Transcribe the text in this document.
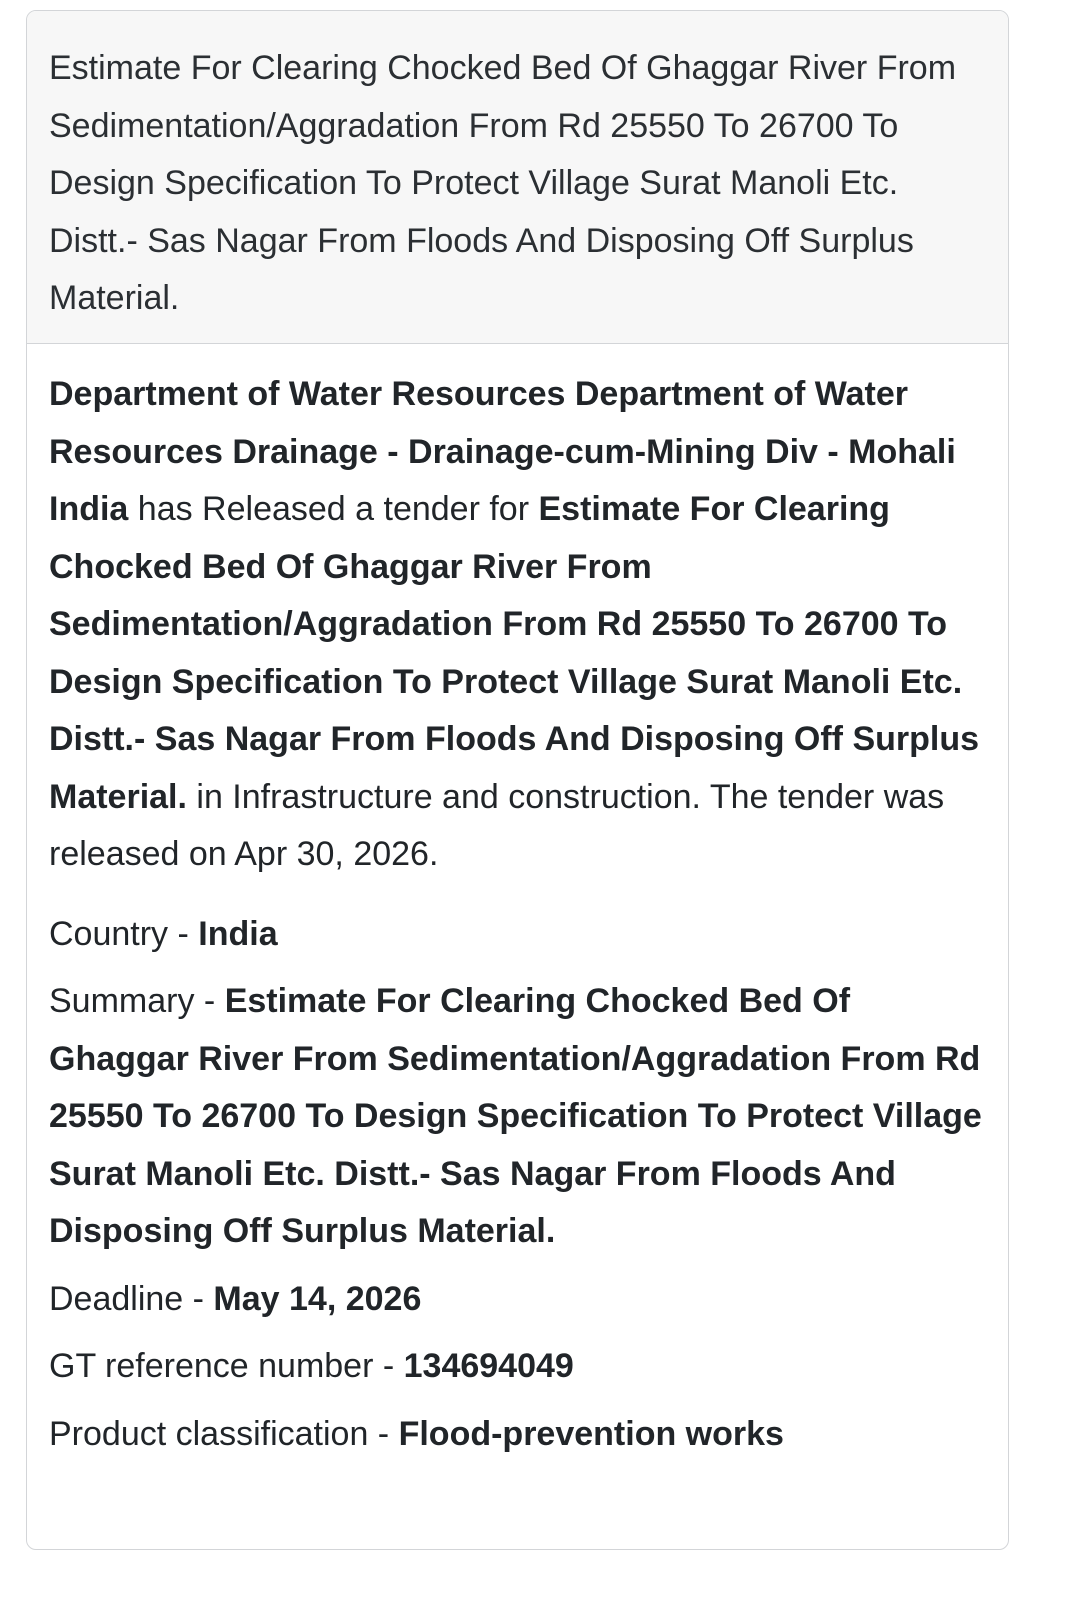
Estimate For Clearing Chocked Bed Of Ghaggar River From Sedimentation/Aggradation From Rd 25550 To 26700 To Design Specification To Protect Village Surat Manoli Etc. Distt.- Sas Nagar From Floods And Disposing Off Surplus Material.

Department of Water Resources Department of Water Resources Drainage - Drainage-cum-Mining Div - Mohali India has Released a tender for Estimate For Clearing Chocked Bed Of Ghaggar River From Sedimentation/Aggradation From Rd 25550 To 26700 To Design Specification To Protect Village Surat Manoli Etc. Distt.- Sas Nagar From Floods And Disposing Off Surplus Material. in Infrastructure and construction. The tender was released on Apr 30, 2026.

Country - India

Summary - Estimate For Clearing Chocked Bed Of Ghaggar River From Sedimentation/Aggradation From Rd 25550 To 26700 To Design Specification To Protect Village Surat Manoli Etc. Distt.- Sas Nagar From Floods And Disposing Off Surplus Material.

Deadline - May 14, 2026

GT reference number - 134694049

Product classification - Flood-prevention works
